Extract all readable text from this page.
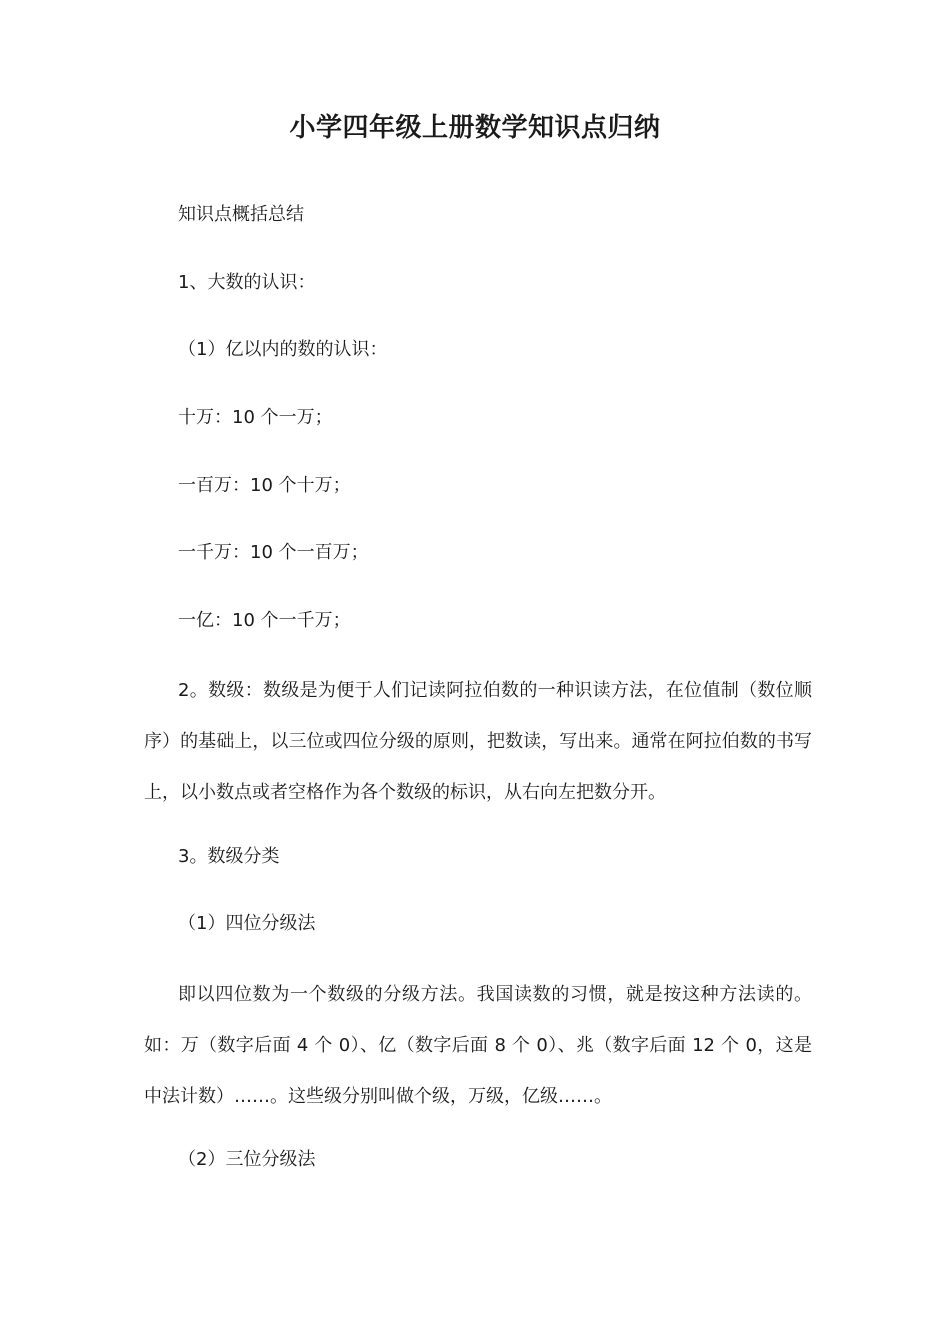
小学四年级上册数学知识点归纳
知识点概括总结
1、大数的认识：
（1）亿以内的数的认识：
十万：10 个一万；
一百万：10 个十万；
一千万：10 个一百万；
一亿：10 个一千万；

2。数级：数级是为便于人们记读阿拉伯数的一种识读方法，在位值制（数位顺序）的基础上，以三位或四位分级的原则，把数读，写出来。通常在阿拉伯数的书写上，以小数点或者空格作为各个数级的标识，从右向左把数分开。

3。数级分类
（1）四位分级法

即以四位数为一个数级的分级方法。我国读数的习惯，就是按这种方法读的。如：万（数字后面 4 个 0）、亿（数字后面 8 个 0）、兆（数字后面 12 个 0，这是中法计数）……。这些级分别叫做个级，万级，亿级……。

（2）三位分级法
